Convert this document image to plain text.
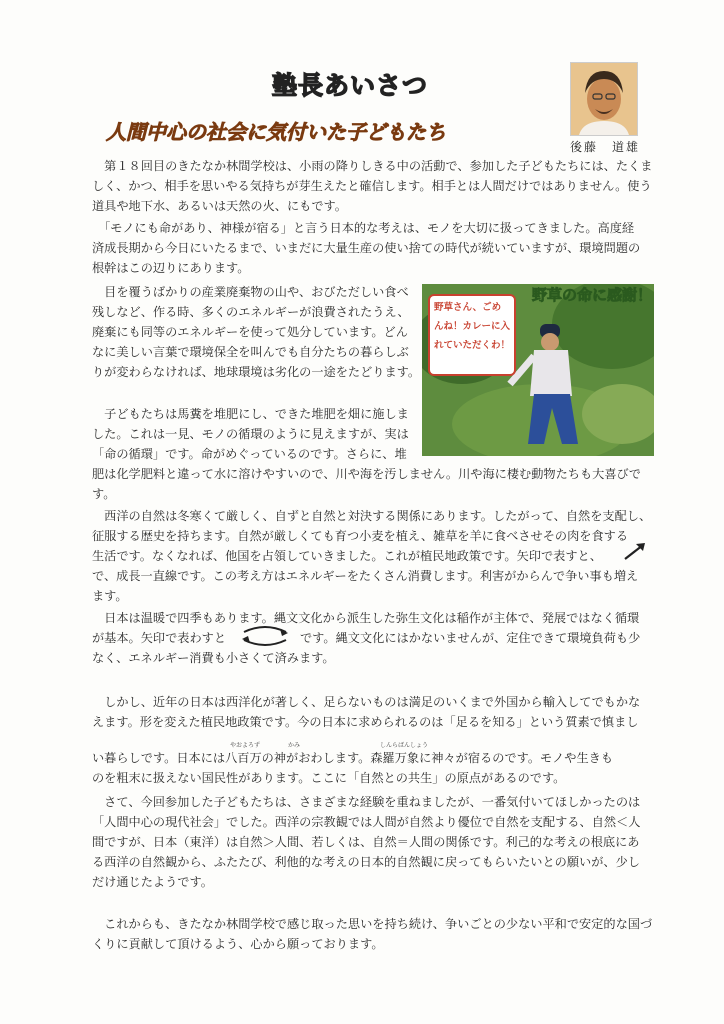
塾長あいさつ
人間中心の社会に気付いた子どもたち
後藤　道雄
　第１８回目のきたなか林間学校は、小雨の降りしきる中の活動で、参加した子どもたちには、たくま
しく、かつ、相手を思いやる気持ちが芽生えたと確信します。相手とは人間だけではありません。使う
道具や地下水、あるいは天然の火、にもです。
　「モノにも命があり、神様が宿る」と言う日本的な考えは、モノを大切に扱ってきました。高度経
済成長期から今日にいたるまで、いまだに大量生産の使い捨ての時代が続いていますが、環境問題の
根幹はこの辺りにあります。
　目を覆うばかりの産業廃棄物の山や、おびただしい食べ
残しなど、作る時、多くのエネルギーが浪費されたうえ、
廃棄にも同等のエネルギーを使って処分しています。どん
なに美しい言葉で環境保全を叫んでも自分たちの暮らしぶ
りが変わらなければ、地球環境は劣化の一途をたどります。
　子どもたちは馬糞を堆肥にし、できた堆肥を畑に施しま
した。これは一見、モノの循環のように見えますが、実は
「命の循環」です。命がめぐっているのです。さらに、堆
肥は化学肥料と違って水に溶けやすいので、川や海を汚しません。川や海に棲む動物たちも大喜びで
す。
　西洋の自然は冬寒くて厳しく、自ずと自然と対決する関係にあります。したがって、自然を支配し、
征服する歴史を持ちます。自然が厳しくても育つ小麦を植え、雑草を羊に食べさせその肉を食する
生活です。なくなれば、他国を占領していきました。これが植民地政策です。矢印で表すと、
で、成長一直線です。この考え方はエネルギーをたくさん消費します。利害がからんで争い事も増え
ます。
　日本は温暖で四季もあります。縄文文化から派生した弥生文化は稲作が主体で、発展ではなく循環
が基本。矢印で表わすと	です。縄文文化にはかないませんが、定住できて環境負荷も少
なく、エネルギー消費も小さくて済みます。
　しかし、近年の日本は西洋化が著しく、足らないものは満足のいくまで外国から輸入してでもかな
えます。形を変えた植民地政策です。今の日本に求められるのは「足るを知る」という質素で慎まし
やおよろず	かみ	しんらばんしょう
い暮らしです。日本には八百万の神がおわします。森羅万象に神々が宿るのです。モノや生きも
のを粗末に扱えない国民性があります。ここに「自然との共生」の原点があるのです。
　さて、今回参加した子どもたちは、さまざまな経験を重ねましたが、一番気付いてほしかったのは
「人間中心の現代社会」でした。西洋の宗教観では人間が自然より優位で自然を支配する、自然＜人
間ですが、日本（東洋）は自然＞人間、若しくは、自然＝人間の関係です。利己的な考えの根底にあ
る西洋の自然観から、ふたたび、利他的な考えの日本的自然観に戻ってもらいたいとの願いが、少し
だけ通じたようです。
　これからも、きたなか林間学校で感じ取った思いを持ち続け、争いごとの少ない平和で安定的な国づ
くりに貢献して頂けるよう、心から願っております。
野草の命に感謝！
野草さん、ごめんね！カレーに入れていただくわ！
